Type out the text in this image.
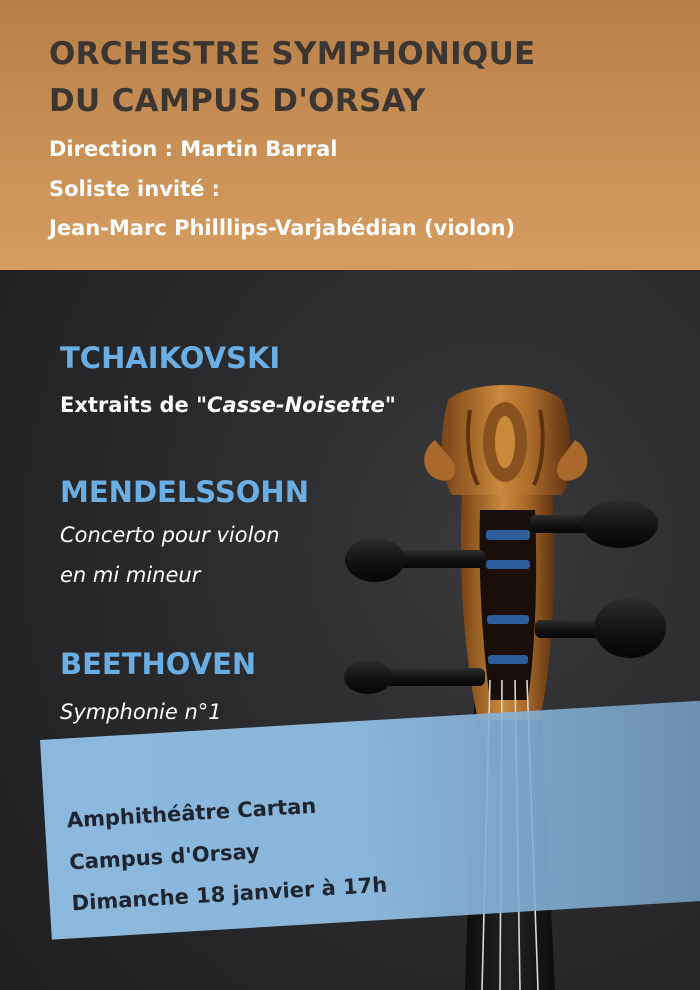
ORCHESTRE SYMPHONIQUE
DU CAMPUS D'ORSAY
Direction : Martin Barral
Soliste invité :
Jean-Marc Philllips-Varjabédian (violon)
TCHAIKOVSKI
Extraits de "Casse-Noisette"
MENDELSSOHN
Concerto pour violon
en mi mineur
BEETHOVEN
Symphonie n°1
Amphithéâtre Cartan
Campus d'Orsay
Dimanche 18 janvier à 17h
